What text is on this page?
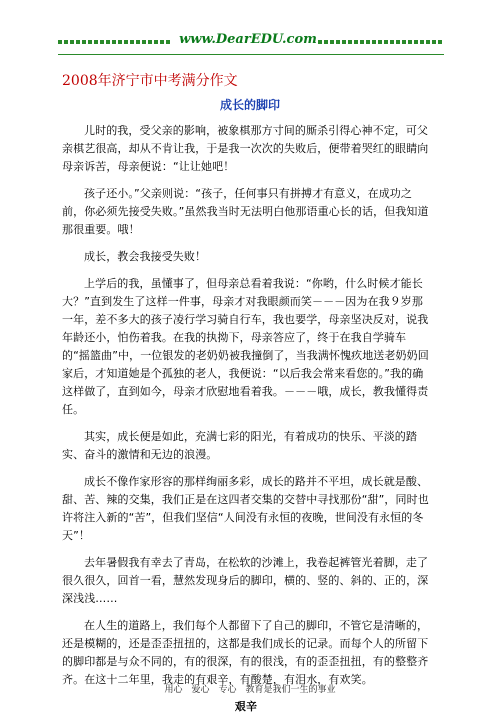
www.DearEDU.com
2008年济宁市中考满分作文
成长的脚印

儿时的我，受父亲的影响，被象棋那方寸间的厮杀引得心神不定，可父亲棋艺很高，却从不肯让我，于是我一次次的失败后，便带着哭红的眼睛向母亲诉苦，母亲便说：“让让她吧！

孩子还小。”父亲则说：“孩子，任何事只有拼搏才有意义，在成功之前，你必须先接受失败。”虽然我当时无法明白他那语重心长的话，但我知道那很重要。哦！

成长，教会我接受失败！

上学后的我，虽懂事了，但母亲总看着我说：“你哟，什么时候才能长大？”直到发生了这样一件事，母亲才对我眼颜而笑－－－因为在我９岁那一年，差不多大的孩子凌行学习骑自行车，我也要学，母亲坚决反对，说我年龄还小，怕伤着我。在我的执拗下，母亲答应了，终于在我自学骑车的“摇篮曲”中，一位银发的老奶奶被我撞倒了，当我满怀愧疚地送老奶奶回家后，才知道她是个孤独的老人，我便说：“以后我会常来看您的。”我的确这样做了，直到如今，母亲才欣慰地看着我。－－－哦，成长，教我懂得责任。

其实，成长便是如此，充满七彩的阳光，有着成功的快乐、平淡的踏实、奋斗的激情和无边的浪漫。

成长不像作家形容的那样绚丽多彩，成长的路并不平坦，成长就是酸、甜、苦、辣的交集，我们正是在这四者交集的交替中寻找那份“甜”，同时也许将注入新的“苦”，但我们坚信“人间没有永恒的夜晚，世间没有永恒的冬天”！

去年暑假我有幸去了青岛，在松软的沙滩上，我卷起裤管光着脚，走了很久很久，回首一看，慧然发现身后的脚印，横的、竖的、斜的、正的，深深浅浅……

在人生的道路上，我们每个人都留下了自己的脚印，不管它是清晰的，还是模糊的，还是歪歪扭扭的，这都是我们成长的记录。而每个人的所留下的脚印都是与众不同的，有的很深，有的很浅，有的歪歪扭扭，有的整整齐齐。在这十二年里，我走的有艰辛，有酸楚，有泪水，有欢笑。

艰辛

用心　爱心　专心　教育是我们一生的事业
